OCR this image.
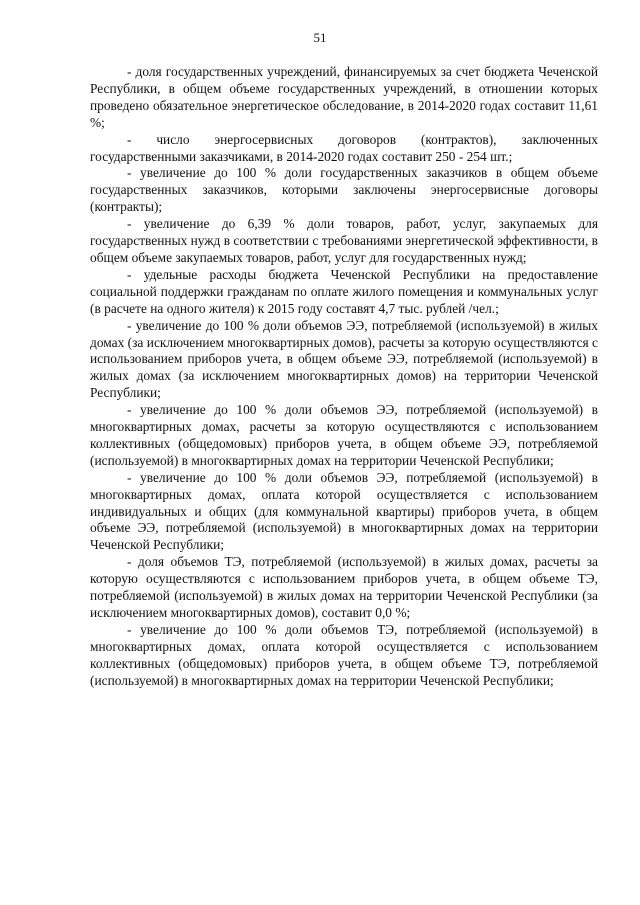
51

- доля государственных учреждений, финансируемых за счет бюджета Чеченской Республики, в общем объеме государственных учреждений, в отношении которых проведено обязательное энергетическое обследование, в 2014-2020 годах составит 11,61 %;

- число энергосервисных договоров (контрактов), заключенных государственными заказчиками, в 2014-2020 годах составит 250 - 254 шт.;

- увеличение до 100 % доли государственных заказчиков в общем объеме государственных заказчиков, которыми заключены энергосервисные договоры (контракты);

- увеличение до 6,39 % доли товаров, работ, услуг, закупаемых для государственных нужд в соответствии с требованиями энергетической эффективности, в общем объеме закупаемых товаров, работ, услуг для государственных нужд;

- удельные расходы бюджета Чеченской Республики на предоставление социальной поддержки гражданам по оплате жилого помещения и коммунальных услуг (в расчете на одного жителя) к 2015 году составят 4,7 тыс. рублей /чел.;

- увеличение до 100 % доли объемов ЭЭ, потребляемой (используемой) в жилых домах (за исключением многоквартирных домов), расчеты за которую осуществляются с использованием приборов учета, в общем объеме ЭЭ, потребляемой (используемой) в жилых домах (за исключением многоквартирных домов) на территории Чеченской Республики;

- увеличение до 100 % доли объемов ЭЭ, потребляемой (используемой) в многоквартирных домах, расчеты за которую осуществляются с использованием коллективных (общедомовых) приборов учета, в общем объеме ЭЭ, потребляемой (используемой) в многоквартирных домах на территории Чеченской Республики;

- увеличение до 100 % доли объемов ЭЭ, потребляемой (используемой) в многоквартирных домах, оплата которой осуществляется с использованием индивидуальных и общих (для коммунальной квартиры) приборов учета, в общем объеме ЭЭ, потребляемой (используемой) в многоквартирных домах на территории Чеченской Республики;

- доля объемов ТЭ, потребляемой (используемой) в жилых домах, расчеты за которую осуществляются с использованием приборов учета, в общем объеме ТЭ, потребляемой (используемой) в жилых домах на территории Чеченской Республики (за исключением многоквартирных домов), составит 0,0 %;

- увеличение до 100 % доли объемов ТЭ, потребляемой (используемой) в многоквартирных домах, оплата которой осуществляется с использованием коллективных (общедомовых) приборов учета, в общем объеме ТЭ, потребляемой (используемой) в многоквартирных домах на территории Чеченской Республики;
